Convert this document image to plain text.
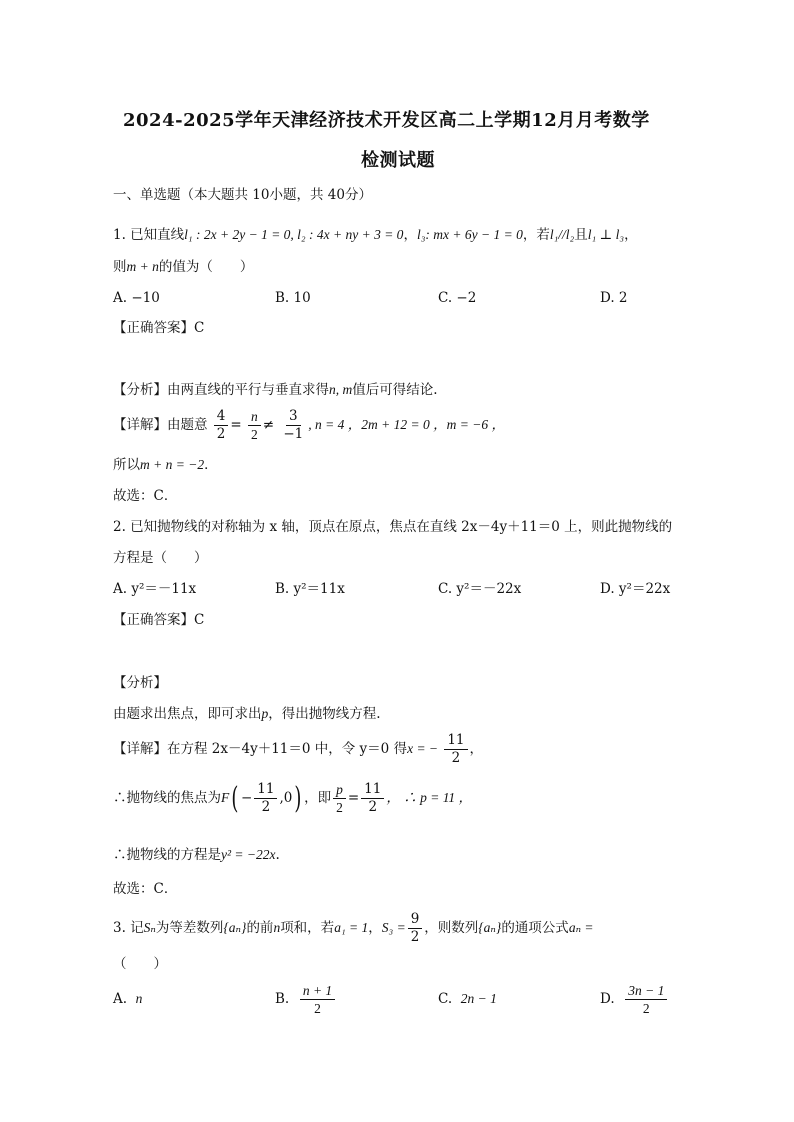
2024-2025学年天津经济技术开发区高二上学期12月月考数学
检测试题
一、单选题（本大题共 10小题，共 40分）
1. 已知直线l₁ : 2x + 2y − 1 = 0, l₂ : 4x + ny + 3 = 0，l₃: mx + 6y − 1 = 0，若l₁//l₂且l₁ ⊥ l₃，
则m + n的值为（　　）
A. −10	B. 10	C. −2	D. 2
【正确答案】C
【分析】由两直线的平行与垂直求得n, m值后可得结论.
【详解】由题意 $\frac{4}{2} = \frac{n}{2} \ne \frac{3}{-1}$ , n = 4 ，2m + 12 = 0 ，m = −6 ，
所以m + n = −2．
故选：C．
2. 已知抛物线的对称轴为 x 轴，顶点在原点，焦点在直线 2x－4y＋11＝0 上，则此抛物线的
方程是（　　）
A. y²＝－11x	B. y²＝11x	C. y²＝－22x	D. y²＝22x
【正确答案】C
【分析】
由题求出焦点，即可求出p，得出抛物线方程.
【详解】在方程 2x－4y＋11＝0 中，令 y＝0 得x = − $\frac{11}{2}$ ，
∴抛物线的焦点为$F( - \frac{11}{2} ,0)$ ，即 $\frac{p}{2} = \frac{11}{2}$ ， ∴ p = 11 ，
∴抛物线的方程是y² = −22x.
故选：C．
3. 记Sₙ为等差数列{aₙ}的前n项和，若a₁ = 1，$S_3 = \frac{9}{2}$ ，则数列{aₙ}的通项公式aₙ =
（　　）
A. n	B. $\frac{n + 1}{2}$	C. 2n − 1	D. $\frac{3n - 1}{2}$
